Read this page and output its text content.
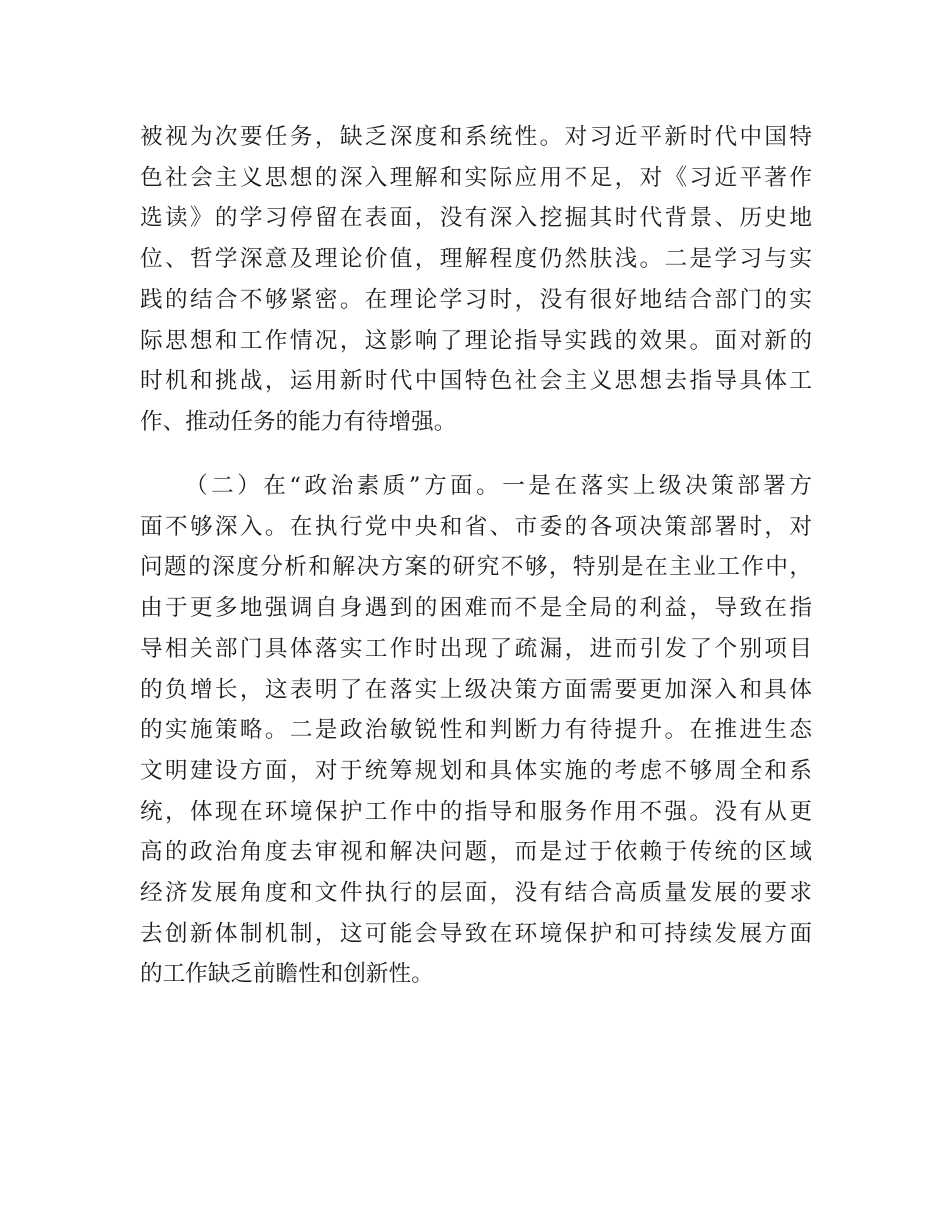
被视为次要任务，缺乏深度和系统性。对习近平新时代中国特
色社会主义思想的深入理解和实际应用不足，对《习近平著作
选读》的学习停留在表面，没有深入挖掘其时代背景、历史地
位、哲学深意及理论价值，理解程度仍然肤浅。二是学习与实
践的结合不够紧密。在理论学习时，没有很好地结合部门的实
际思想和工作情况，这影响了理论指导实践的效果。面对新的
时机和挑战，运用新时代中国特色社会主义思想去指导具体工
作、推动任务的能力有待增强。
（二）在“政治素质”方面。一是在落实上级决策部署方
面不够深入。在执行党中央和省、市委的各项决策部署时，对
问题的深度分析和解决方案的研究不够，特别是在主业工作中，
由于更多地强调自身遇到的困难而不是全局的利益，导致在指
导相关部门具体落实工作时出现了疏漏，进而引发了个别项目
的负增长，这表明了在落实上级决策方面需要更加深入和具体
的实施策略。二是政治敏锐性和判断力有待提升。在推进生态
文明建设方面，对于统筹规划和具体实施的考虑不够周全和系
统，体现在环境保护工作中的指导和服务作用不强。没有从更
高的政治角度去审视和解决问题，而是过于依赖于传统的区域
经济发展角度和文件执行的层面，没有结合高质量发展的要求
去创新体制机制，这可能会导致在环境保护和可持续发展方面
的工作缺乏前瞻性和创新性。
